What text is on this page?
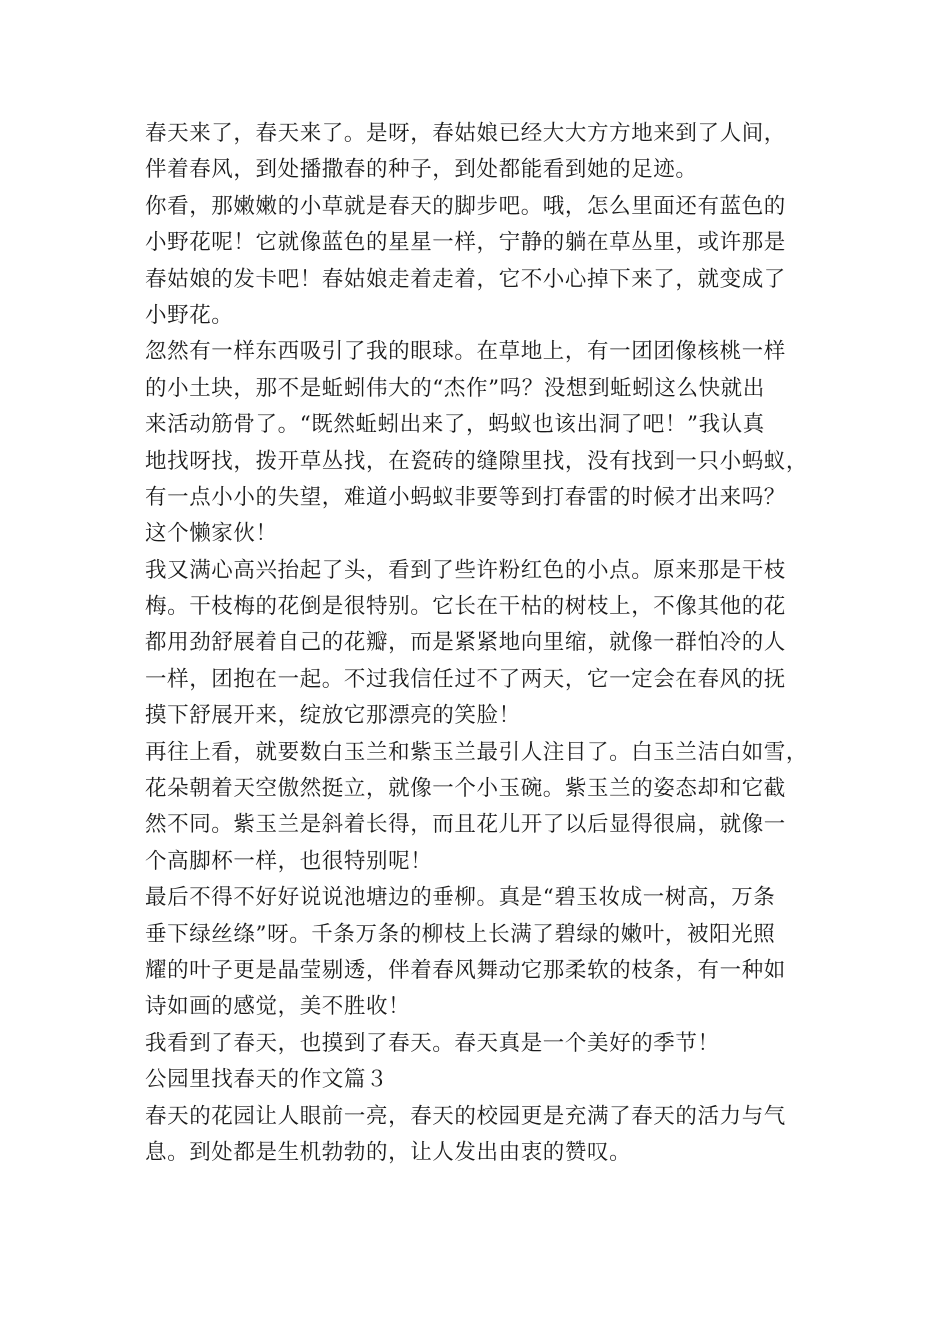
春天来了，春天来了。是呀，春姑娘已经大大方方地来到了人间，
伴着春风，到处播撒春的种子，到处都能看到她的足迹。
你看，那嫩嫩的小草就是春天的脚步吧。哦，怎么里面还有蓝色的
小野花呢！它就像蓝色的星星一样，宁静的躺在草丛里，或许那是
春姑娘的发卡吧！春姑娘走着走着，它不小心掉下来了，就变成了
小野花。
忽然有一样东西吸引了我的眼球。在草地上，有一团团像核桃一样
的小土块，那不是蚯蚓伟大的“杰作”吗？没想到蚯蚓这么快就出
来活动筋骨了。“既然蚯蚓出来了，蚂蚁也该出洞了吧！”我认真
地找呀找，拨开草丛找，在瓷砖的缝隙里找，没有找到一只小蚂蚁，
有一点小小的失望，难道小蚂蚁非要等到打春雷的时候才出来吗？
这个懒家伙！
我又满心高兴抬起了头，看到了些许粉红色的小点。原来那是干枝
梅。干枝梅的花倒是很特别。它长在干枯的树枝上，不像其他的花
都用劲舒展着自己的花瓣，而是紧紧地向里缩，就像一群怕冷的人
一样，团抱在一起。不过我信任过不了两天，它一定会在春风的抚
摸下舒展开来，绽放它那漂亮的笑脸！
再往上看，就要数白玉兰和紫玉兰最引人注目了。白玉兰洁白如雪，
花朵朝着天空傲然挺立，就像一个小玉碗。紫玉兰的姿态却和它截
然不同。紫玉兰是斜着长得，而且花儿开了以后显得很扁，就像一
个高脚杯一样，也很特别呢！
最后不得不好好说说池塘边的垂柳。真是“碧玉妆成一树高，万条
垂下绿丝绦”呀。千条万条的柳枝上长满了碧绿的嫩叶，被阳光照
耀的叶子更是晶莹剔透，伴着春风舞动它那柔软的枝条，有一种如
诗如画的感觉，美不胜收！
我看到了春天，也摸到了春天。春天真是一个美好的季节！
公园里找春天的作文篇３
春天的花园让人眼前一亮，春天的校园更是充满了春天的活力与气
息。到处都是生机勃勃的，让人发出由衷的赞叹。
